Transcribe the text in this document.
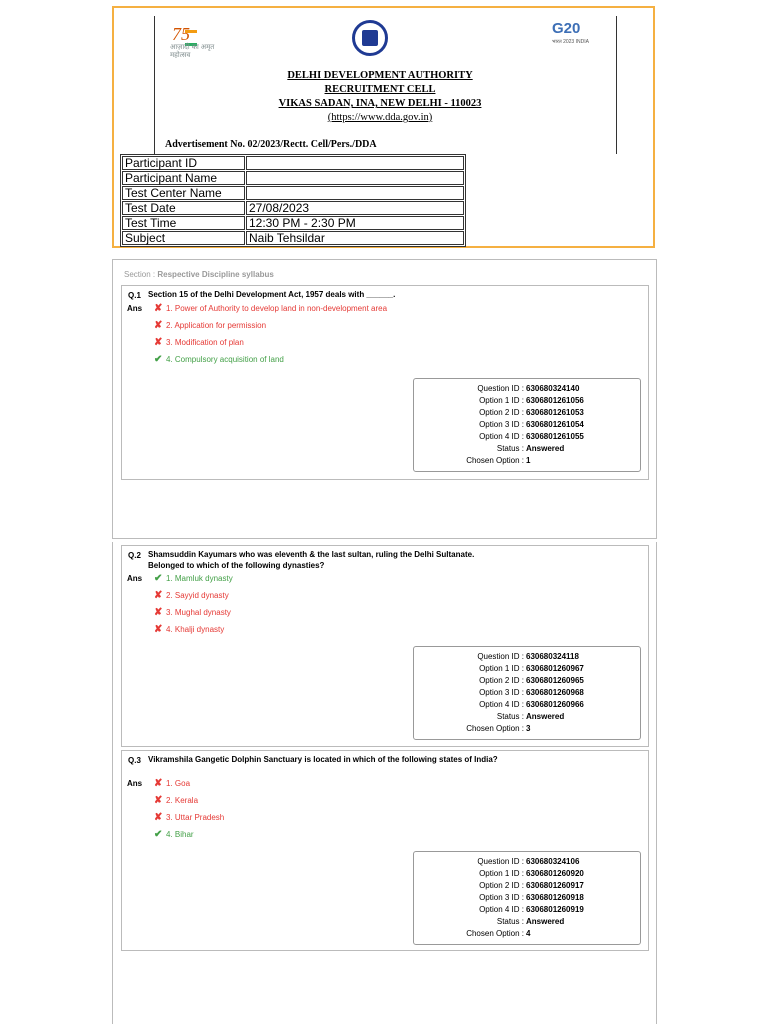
75
आज़ादी का अमृत महोत्सव
G20
भारत 2023 INDIA
DELHI DEVELOPMENT AUTHORITY
RECRUITMENT CELL
VIKAS SADAN, INA, NEW DELHI - 110023
(https://www.dda.gov.in)
Advertisement No. 02/2023/Rectt. Cell/Pers./DDA
Participant ID	
Participant Name	
Test Center Name	
Test Date	27/08/2023
Test Time	12:30 PM - 2:30 PM
Subject	Naib Tehsildar
Section : Respective Discipline syllabus
Q.1 Section 15 of the Delhi Development Act, 1957 deals with ______.
Ans ✘ 1. Power of Authority to develop land in non-development area
✘ 2. Application for permission
✘ 3. Modification of plan
✔ 4. Compulsory acquisition of land
Question ID :	630680324140
Option 1 ID :	6306801261056
Option 2 ID :	6306801261053
Option 3 ID :	6306801261054
Option 4 ID :	6306801261055
Status :	Answered
Chosen Option :	1
Q.2 Shamsuddin Kayumars who was eleventh & the last sultan, ruling the Delhi Sultanate. Belonged to which of the following dynasties?
Ans ✔ 1. Mamluk dynasty
✘ 2. Sayyid dynasty
✘ 3. Mughal dynasty
✘ 4. Khalji dynasty
Question ID :	630680324118
Option 1 ID :	6306801260967
Option 2 ID :	6306801260965
Option 3 ID :	6306801260968
Option 4 ID :	6306801260966
Status :	Answered
Chosen Option :	3
Q.3 Vikramshila Gangetic Dolphin Sanctuary is located in which of the following states of India?
Ans ✘ 1. Goa
✘ 2. Kerala
✘ 3. Uttar Pradesh
✔ 4. Bihar
Question ID :	630680324106
Option 1 ID :	6306801260920
Option 2 ID :	6306801260917
Option 3 ID :	6306801260918
Option 4 ID :	6306801260919
Status :	Answered
Chosen Option :	4
